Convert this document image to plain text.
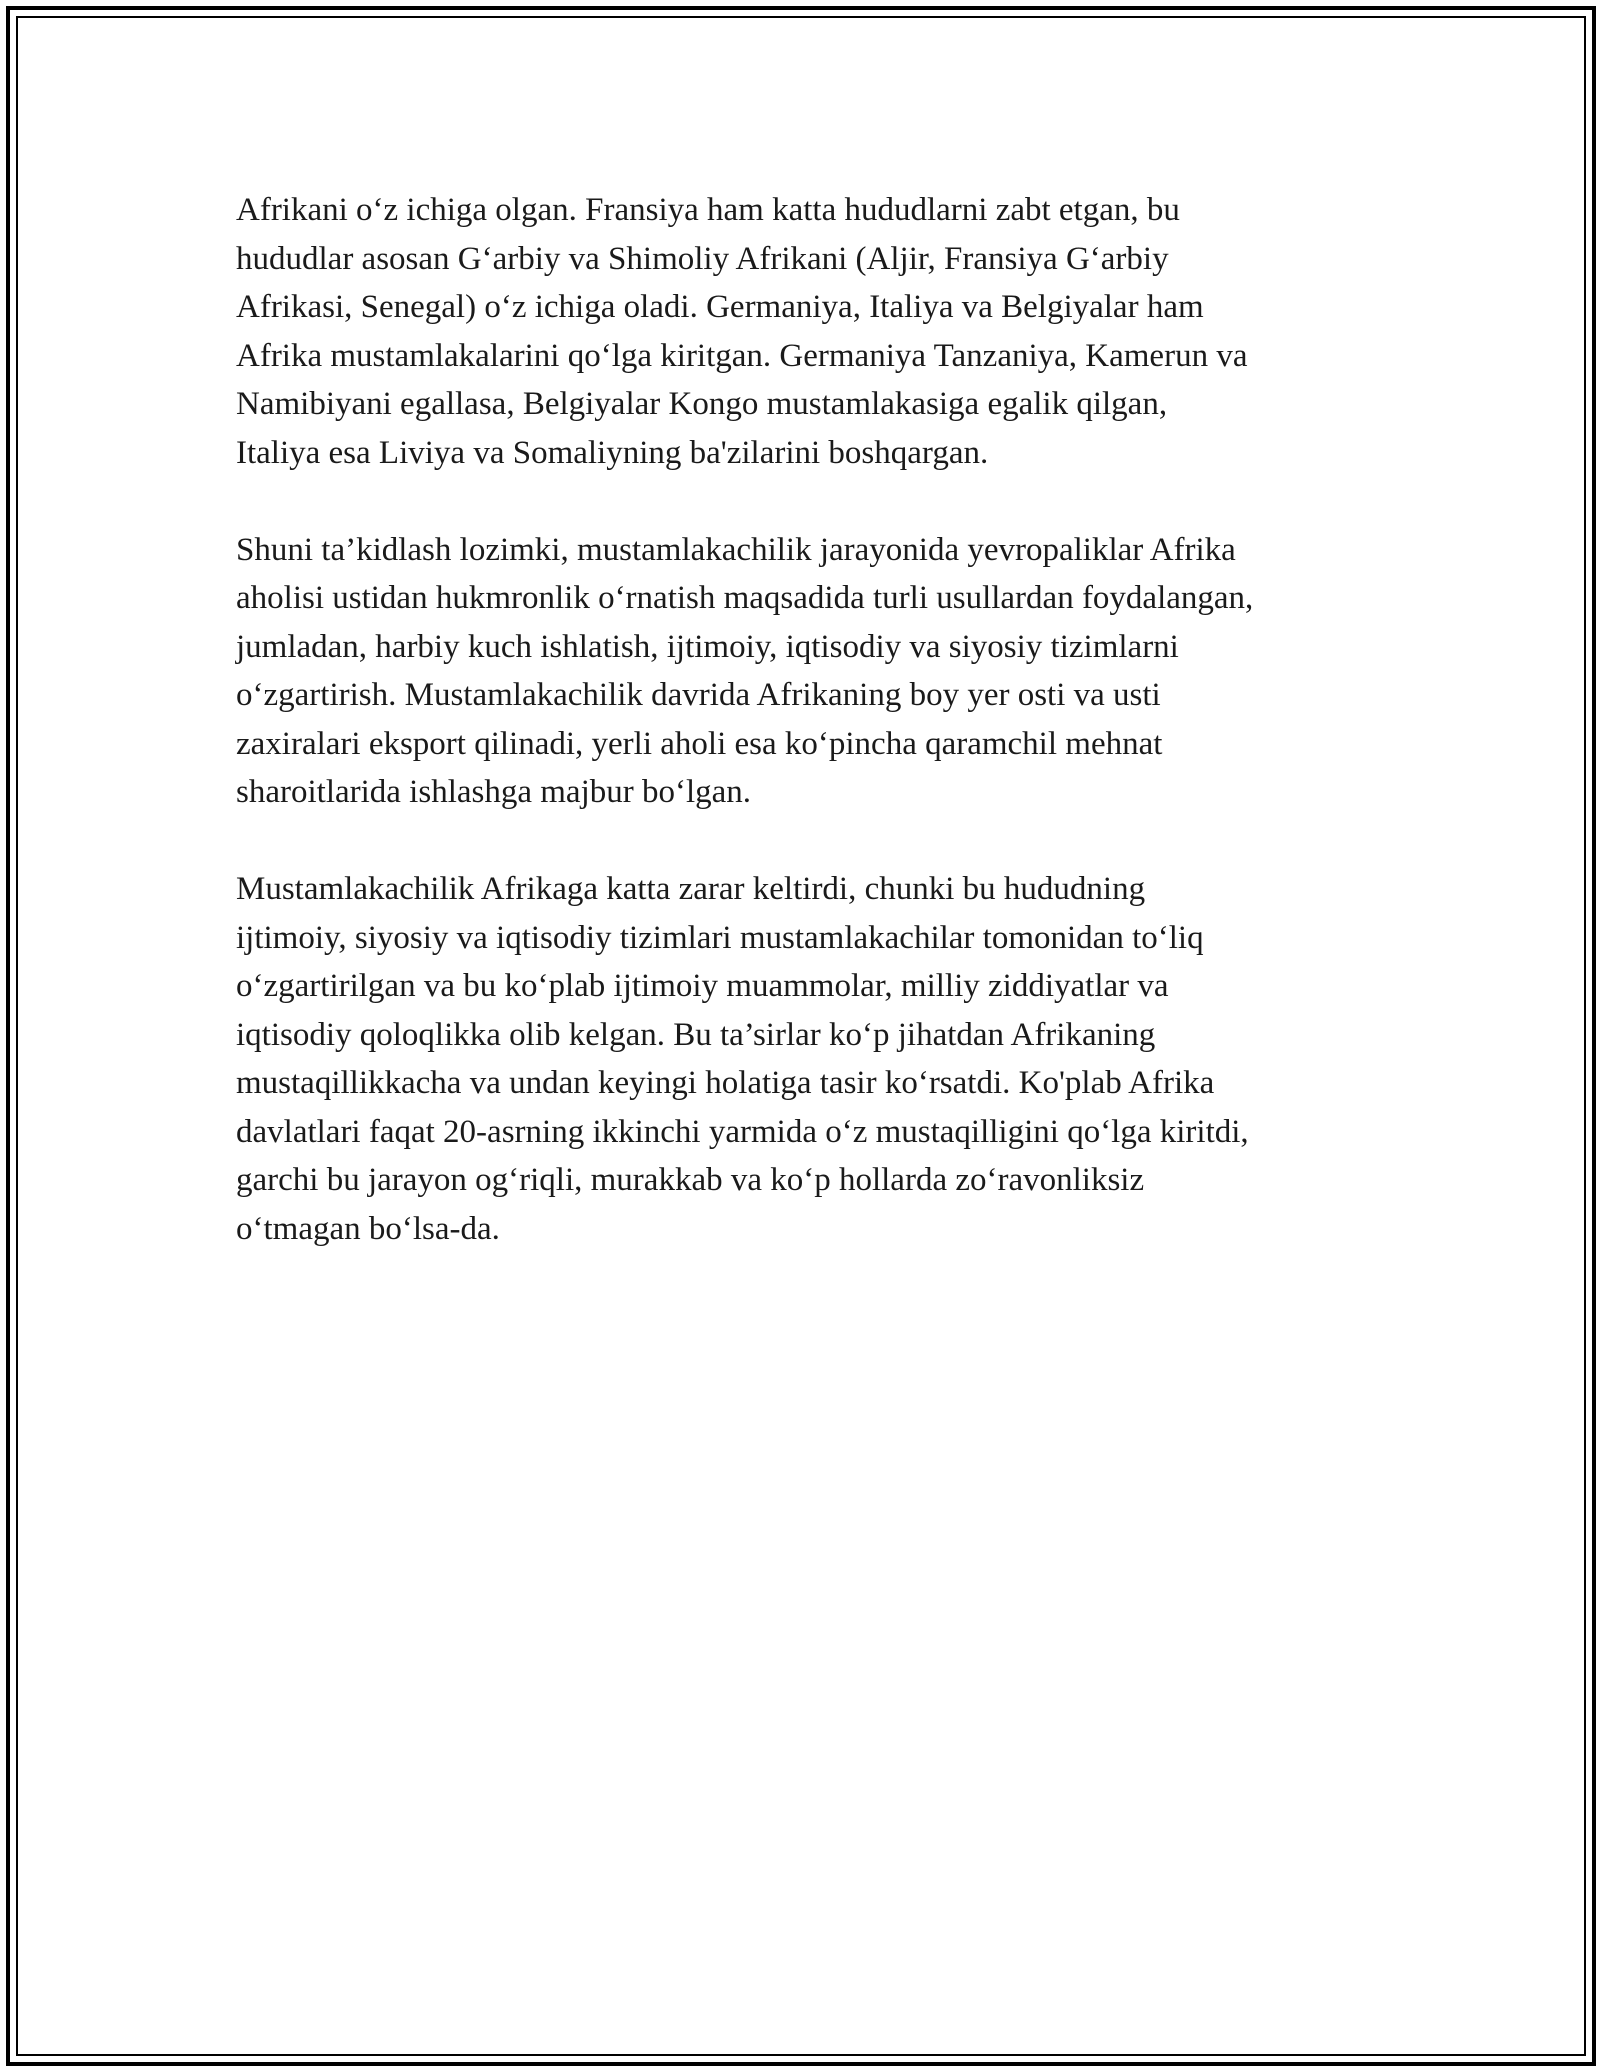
Afrikani o‘z ichiga olgan. Fransiya ham katta hududlarni zabt etgan, bu
hududlar asosan G‘arbiy va Shimoliy Afrikani (Aljir, Fransiya G‘arbiy
Afrikasi, Senegal) o‘z ichiga oladi. Germaniya, Italiya va Belgiyalar ham
Afrika mustamlakalarini qo‘lga kiritgan. Germaniya Tanzaniya, Kamerun va
Namibiyani egallasa, Belgiyalar Kongo mustamlakasiga egalik qilgan,
Italiya esa Liviya va Somaliyning ba'zilarini boshqargan.

Shuni ta’kidlash lozimki, mustamlakachilik jarayonida yevropaliklar Afrika
aholisi ustidan hukmronlik o‘rnatish maqsadida turli usullardan foydalangan,
jumladan, harbiy kuch ishlatish, ijtimoiy, iqtisodiy va siyosiy tizimlarni
o‘zgartirish. Mustamlakachilik davrida Afrikaning boy yer osti va usti
zaxiralari eksport qilinadi, yerli aholi esa ko‘pincha qaramchil mehnat
sharoitlarida ishlashga majbur bo‘lgan.

Mustamlakachilik Afrikaga katta zarar keltirdi, chunki bu hududning
ijtimoiy, siyosiy va iqtisodiy tizimlari mustamlakachilar tomonidan to‘liq
o‘zgartirilgan va bu ko‘plab ijtimoiy muammolar, milliy ziddiyatlar va
iqtisodiy qoloqlikka olib kelgan. Bu ta’sirlar ko‘p jihatdan Afrikaning
mustaqillikkacha va undan keyingi holatiga tasir ko‘rsatdi. Ko'plab Afrika
davlatlari faqat 20-asrning ikkinchi yarmida o‘z mustaqilligini qo‘lga kiritdi,
garchi bu jarayon og‘riqli, murakkab va ko‘p hollarda zo‘ravonliksiz
o‘tmagan bo‘lsa-da.
